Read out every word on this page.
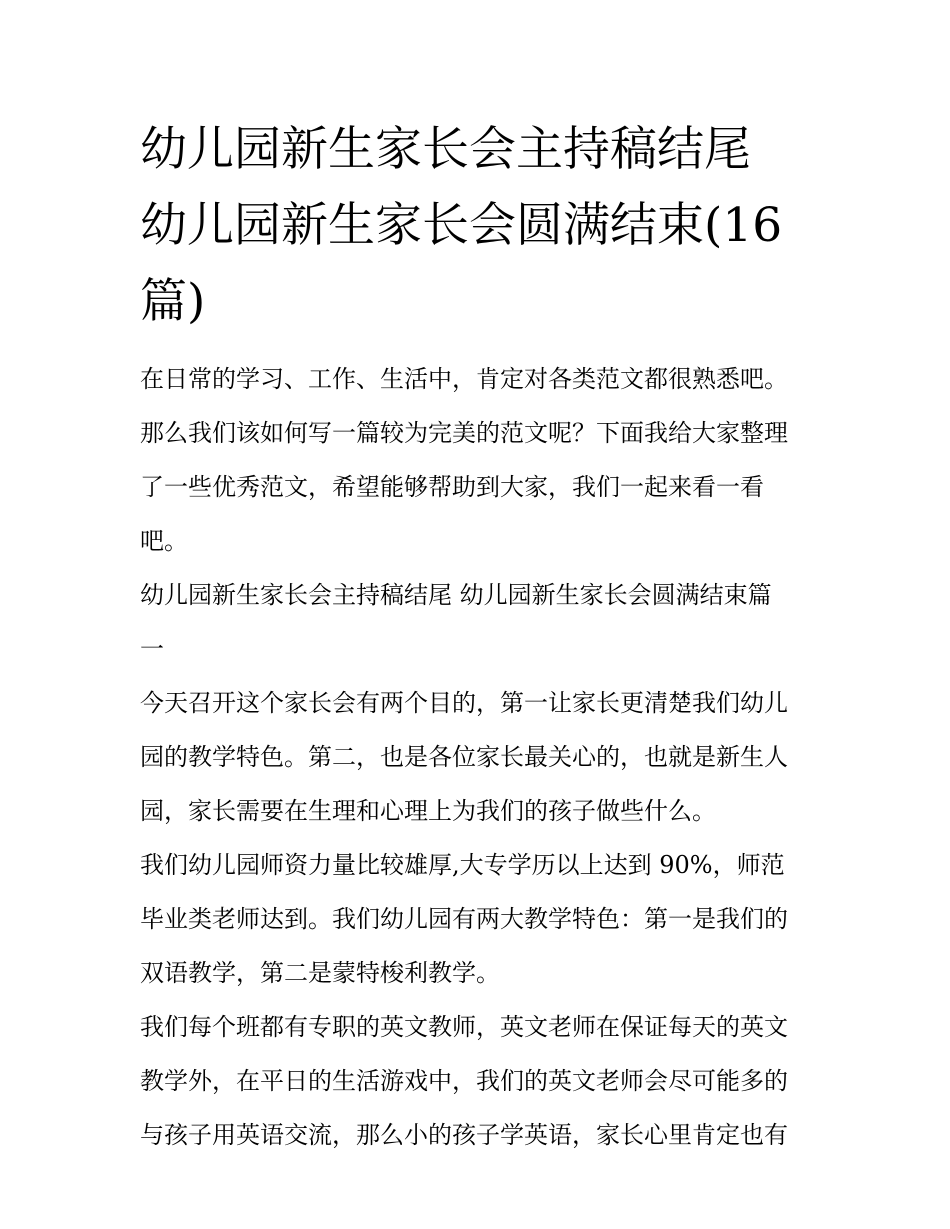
幼儿园新生家长会主持稿结尾
幼儿园新生家长会圆满结束(16
篇)

在日常的学习、工作、生活中，肯定对各类范文都很熟悉吧。
那么我们该如何写一篇较为完美的范文呢？下面我给大家整理
了一些优秀范文，希望能够帮助到大家，我们一起来看一看
吧。

幼儿园新生家长会主持稿结尾 幼儿园新生家长会圆满结束篇
一

今天召开这个家长会有两个目的，第一让家长更清楚我们幼儿
园的教学特色。第二，也是各位家长最关心的，也就是新生人
园，家长需要在生理和心理上为我们的孩子做些什么。

我们幼儿园师资力量比较雄厚,大专学历以上达到 90%，师范
毕业类老师达到。我们幼儿园有两大教学特色：第一是我们的
双语教学，第二是蒙特梭利教学。

我们每个班都有专职的英文教师，英文老师在保证每天的英文
教学外，在平日的生活游戏中，我们的英文老师会尽可能多的
与孩子用英语交流，那么小的孩子学英语，家长心里肯定也有
